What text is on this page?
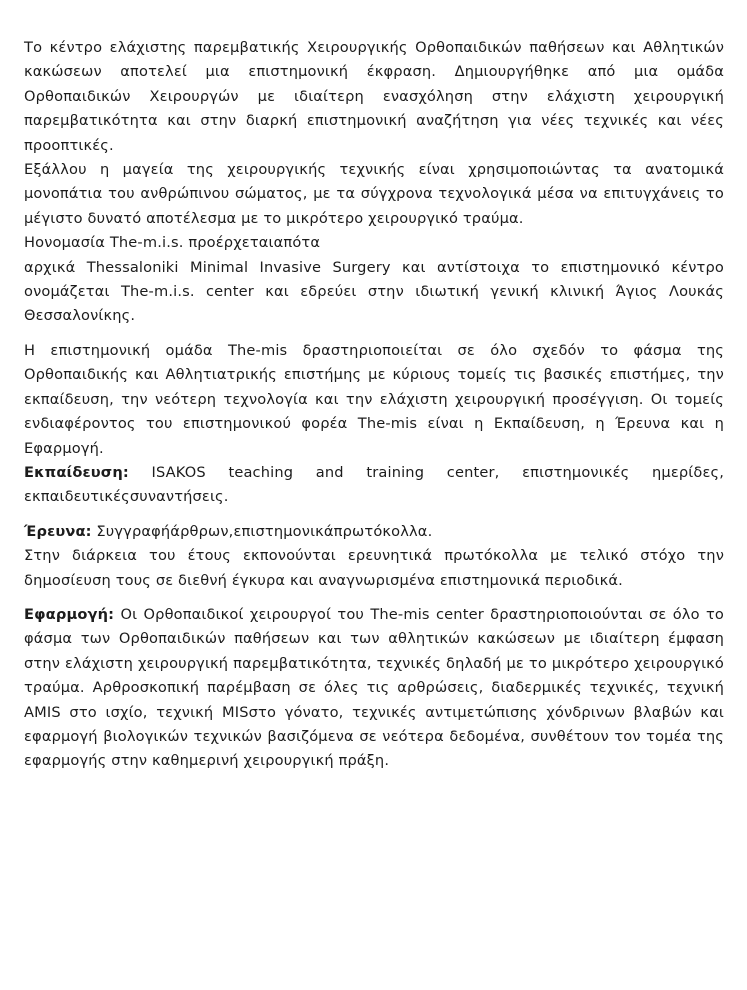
Το κέντρο ελάχιστης παρεμβατικής Χειρουργικής Ορθοπαιδικών παθήσεων και Αθλητικών κακώσεων αποτελεί μια επιστημονική έκφραση. Δημιουργήθηκε από μια ομάδα Ορθοπαιδικών Χειρουργών με ιδιαίτερη ενασχόληση στην ελάχιστη χειρουργική παρεμβατικότητα και στην διαρκή επιστημονική αναζήτηση για νέες τεχνικές και νέες προοπτικές.

Εξάλλου η μαγεία της χειρουργικής τεχνικής είναι χρησιμοποιώντας τα ανατομικά μονοπάτια του ανθρώπινου σώματος, με τα σύγχρονα τεχνολογικά μέσα να επιτυγχάνεις το μέγιστο δυνατό αποτέλεσμα με το μικρότερο χειρουργικό τραύμα.

Ηονομασία The-m.i.s. προέρχεταιαπότα

αρχικά Thessaloniki Minimal Invasive Surgery και αντίστοιχα το επιστημονικό κέντρο ονομάζεται The-m.i.s. center και εδρεύει στην ιδιωτική γενική κλινική Άγιος Λουκάς Θεσσαλονίκης.

Η επιστημονική ομάδα The-mis δραστηριοποιείται σε όλο σχεδόν το φάσμα της Ορθοπαιδικής και Αθλητιατρικής επιστήμης με κύριους τομείς τις βασικές επιστήμες, την εκπαίδευση, την νεότερη τεχνολογία και την ελάχιστη χειρουργική προσέγγιση. Οι τομείς ενδιαφέροντος του επιστημονικού φορέα The-mis είναι η Εκπαίδευση, η Έρευνα και η Εφαρμογή.

Εκπαίδευση: ISAKOS teaching and training center, επιστημονικές ημερίδες, εκπαιδευτικέςσυναντήσεις.

Έρευνα: Συγγραφήάρθρων,επιστημονικάπρωτόκολλα.

Στην διάρκεια του έτους εκπονούνται ερευνητικά πρωτόκολλα με τελικό στόχο την δημοσίευση τους σε διεθνή έγκυρα και αναγνωρισμένα επιστημονικά περιοδικά.

Εφαρμογή: Οι Ορθοπαιδικοί χειρουργοί του The-mis center δραστηριοποιούνται σε όλο το φάσμα των Ορθοπαιδικών παθήσεων και των αθλητικών κακώσεων με ιδιαίτερη έμφαση στην ελάχιστη χειρουργική παρεμβατικότητα, τεχνικές δηλαδή με το μικρότερο χειρουργικό τραύμα. Αρθροσκοπική παρέμβαση σε όλες τις αρθρώσεις, διαδερμικές τεχνικές, τεχνική AMIS στο ισχίο, τεχνική MISστο γόνατο, τεχνικές αντιμετώπισης χόνδρινων βλαβών και εφαρμογή βιολογικών τεχνικών βασιζόμενα σε νεότερα δεδομένα, συνθέτουν τον τομέα της εφαρμογής στην καθημερινή χειρουργική πράξη.
